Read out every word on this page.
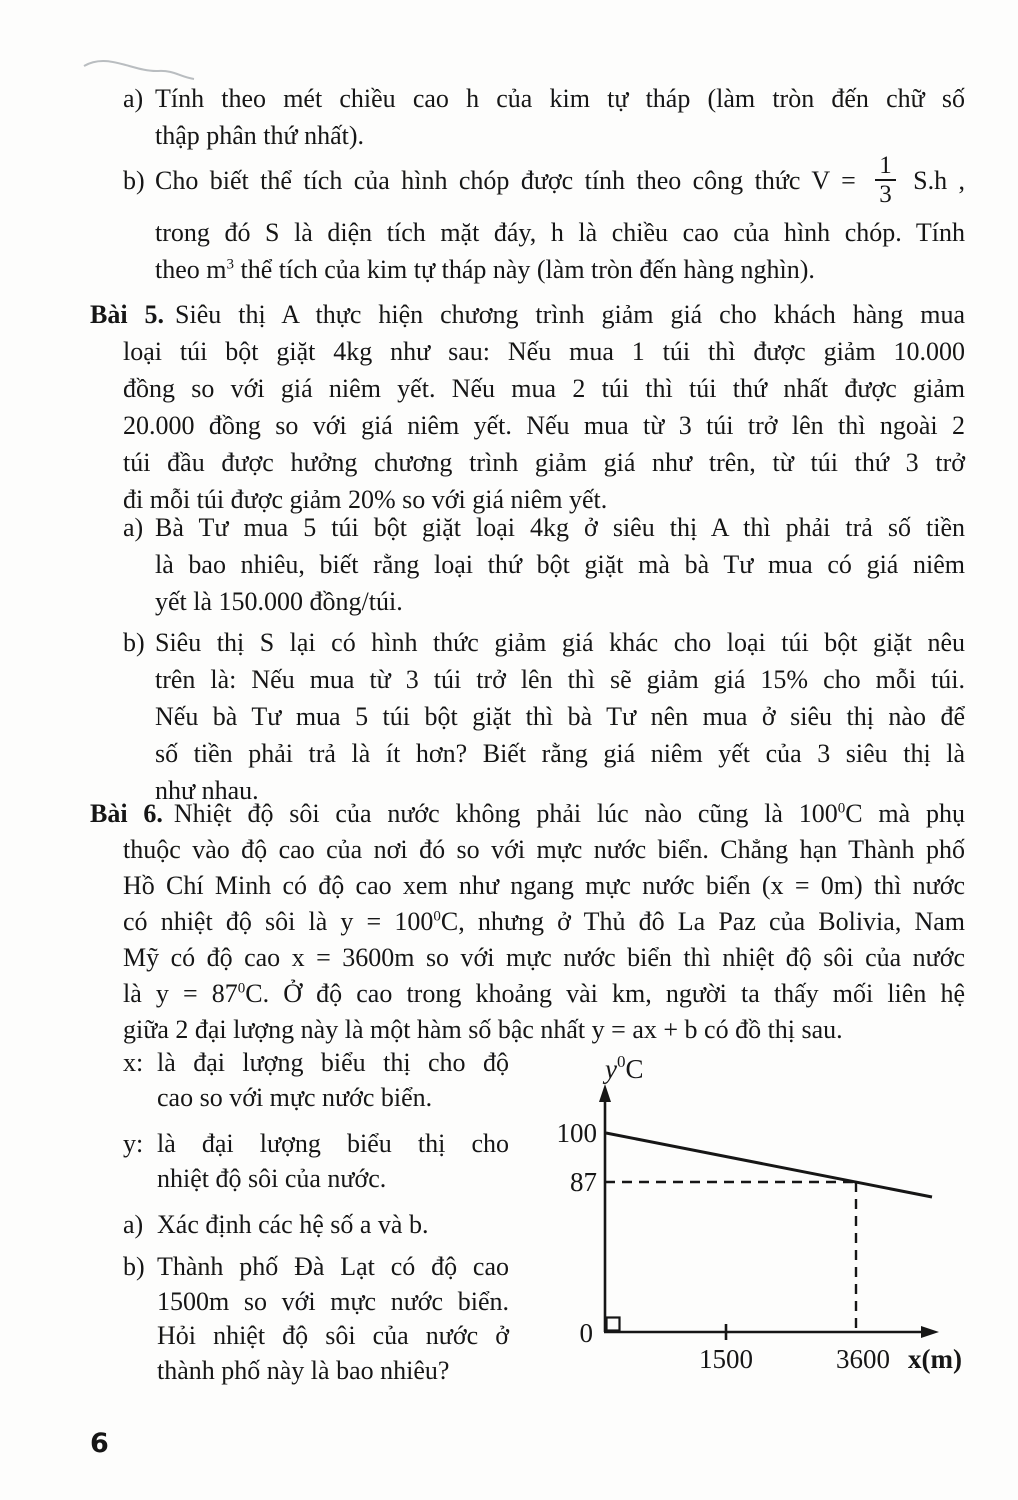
a) Tính theo mét chiều cao h của kim tự tháp (làm tròn đến chữ số
thập phân thứ nhất).
b) Cho biết thể tích của hình chóp được tính theo công thức $V = \frac{1}{3} S.h$ ,
trong đó S là diện tích mặt đáy, h là chiều cao của hình chóp. Tính
theo $m^3$ thể tích của kim tự tháp này (làm tròn đến hàng nghìn).
Bài 5. Siêu thị A thực hiện chương trình giảm giá cho khách hàng mua
loại túi bột giặt 4kg như sau: Nếu mua 1 túi thì được giảm 10.000
đồng so với giá niêm yết. Nếu mua 2 túi thì túi thứ nhất được giảm
20.000 đồng so với giá niêm yết. Nếu mua từ 3 túi trở lên thì ngoài 2
túi đầu được hưởng chương trình giảm giá như trên, từ túi thứ 3 trở
đi mỗi túi được giảm 20% so với giá niêm yết.
a) Bà Tư mua 5 túi bột giặt loại 4kg ở siêu thị A thì phải trả số tiền
là bao nhiêu, biết rằng loại thứ bột giặt mà bà Tư mua có giá niêm
yết là 150.000 đồng/túi.
b) Siêu thị S lại có hình thức giảm giá khác cho loại túi bột giặt nêu
trên là: Nếu mua từ 3 túi trở lên thì sẽ giảm giá 15% cho mỗi túi.
Nếu bà Tư mua 5 túi bột giặt thì bà Tư nên mua ở siêu thị nào để
số tiền phải trả là ít hơn? Biết rằng giá niêm yết của 3 siêu thị là
như nhau.
Bài 6. Nhiệt độ sôi của nước không phải lúc nào cũng là $100^0C$ mà phụ
thuộc vào độ cao của nơi đó so với mực nước biển. Chẳng hạn Thành phố
Hồ Chí Minh có độ cao xem như ngang mực nước biển (x = 0m) thì nước
có nhiệt độ sôi là $y = 100^0C$, nhưng ở Thủ đô La Paz của Bolivia, Nam
Mỹ có độ cao x = 3600m so với mực nước biển thì nhiệt độ sôi của nước
là $y = 87^0C$. Ở độ cao trong khoảng vài km, người ta thấy mối liên hệ
giữa 2 đại lượng này là một hàm số bậc nhất y = ax + b có đồ thị sau.
x: là đại lượng biểu thị cho độ
cao so với mực nước biển.
y: là đại lượng biểu thị cho
nhiệt độ sôi của nước.
a) Xác định các hệ số a và b.
b) Thành phố Đà Lạt có độ cao
1500m so với mực nước biển.
Hỏi nhiệt độ sôi của nước ở
thành phố này là bao nhiêu?
$y^0C$
100
87
0
1500	3600 x(m)
6
